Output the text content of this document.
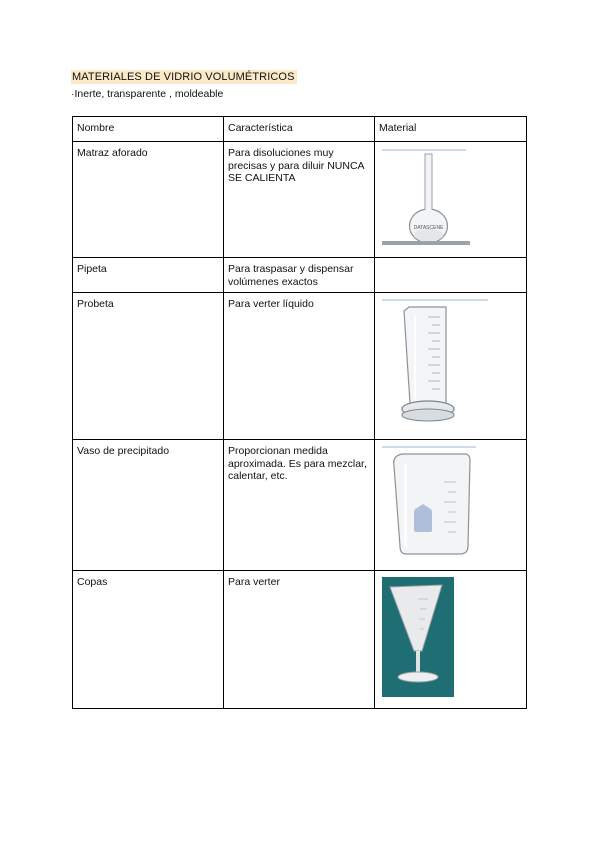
MATERIALES DE VIDRIO VOLUMÉTRICOS
·Inerte, transparente , moldeable
Nombre	Característica	Material
Matraz aforado	Para disoluciones muy precisas y para diluir NUNCA SE CALIENTA	DATASCENE

Pipeta	Para traspasar y dispensar volúmenes exactos	
Probeta	Para verter líquido	

Vaso de precipitado	Proporcionan medida aproximada. Es para mezclar, calentar, etc.	

Copas	Para verter	
